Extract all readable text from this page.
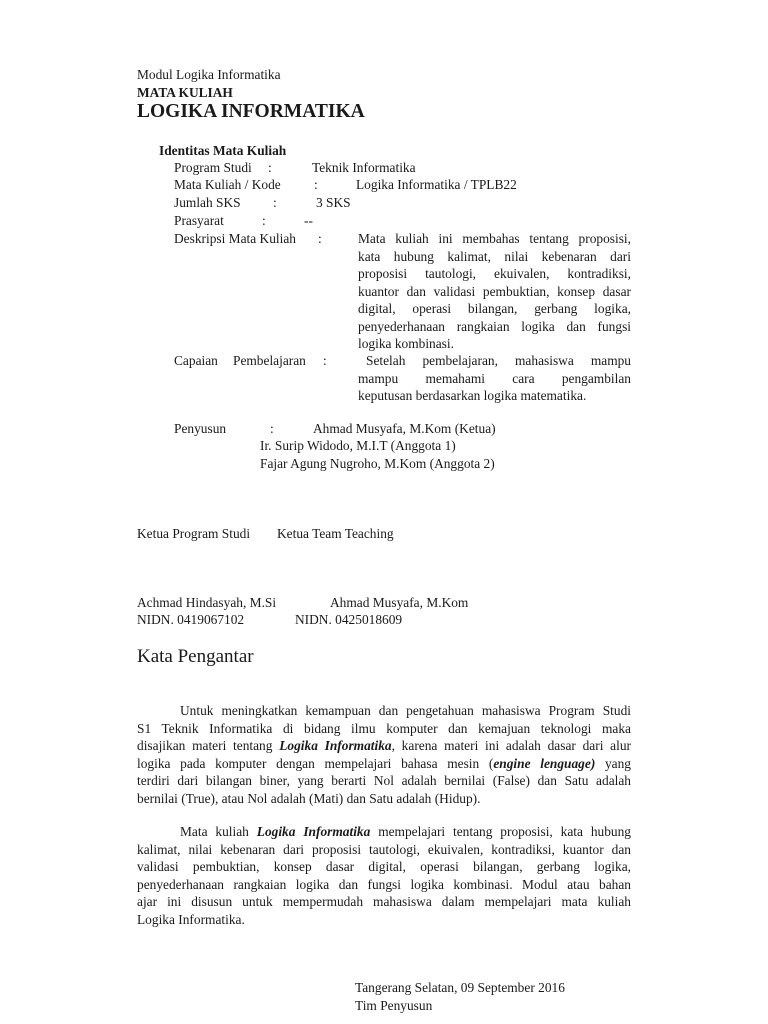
Modul Logika Informatika
MATA KULIAH
LOGIKA INFORMATIKA
Identitas Mata Kuliah
Program Studi :	Teknik Informatika
Mata Kuliah / Kode :	Logika Informatika / TPLB22
Jumlah SKS :	3 SKS
Prasyarat	:	--
Deskripsi Mata Kuliah :	Mata kuliah ini membahas tentang proposisi,
kata hubung kalimat, nilai kebenaran dari
proposisi tautologi, ekuivalen, kontradiksi,
kuantor dan validasi pembuktian, konsep dasar
digital, operasi bilangan, gerbang logika,
penyederhanaan rangkaian logika dan fungsi
logika kombinasi.
Capaian Pembelajaran :	Setelah pembelajaran, mahasiswa mampu
mampu memahami cara pengambilan
keputusan berdasarkan logika matematika.
Penyusun	:	Ahmad Musyafa, M.Kom (Ketua)
Ir. Surip Widodo, M.I.T (Anggota 1)
Fajar Agung Nugroho, M.Kom (Anggota 2)
Ketua Program Studi Ketua Team Teaching
Achmad Hindasyah, M.Si	Ahmad Musyafa, M.Kom
NIDN. 0419067102	NIDN. 0425018609
Kata Pengantar
Untuk meningkatkan kemampuan dan pengetahuan mahasiswa Program Studi
S1 Teknik Informatika di bidang ilmu komputer dan kemajuan teknologi maka
disajikan materi tentang Logika Informatika, karena materi ini adalah dasar dari alur
logika pada komputer dengan mempelajari bahasa mesin (engine lenguage) yang
terdiri dari bilangan biner, yang berarti Nol adalah bernilai (False) dan Satu adalah
bernilai (True), atau Nol adalah (Mati) dan Satu adalah (Hidup).
Mata kuliah Logika Informatika mempelajari tentang proposisi, kata hubung
kalimat, nilai kebenaran dari proposisi tautologi, ekuivalen, kontradiksi, kuantor dan
validasi pembuktian, konsep dasar digital, operasi bilangan, gerbang logika,
penyederhanaan rangkaian logika dan fungsi logika kombinasi. Modul atau bahan
ajar ini disusun untuk mempermudah mahasiswa dalam mempelajari mata kuliah
Logika Informatika.
Tangerang Selatan, 09 September 2016
Tim Penyusun
